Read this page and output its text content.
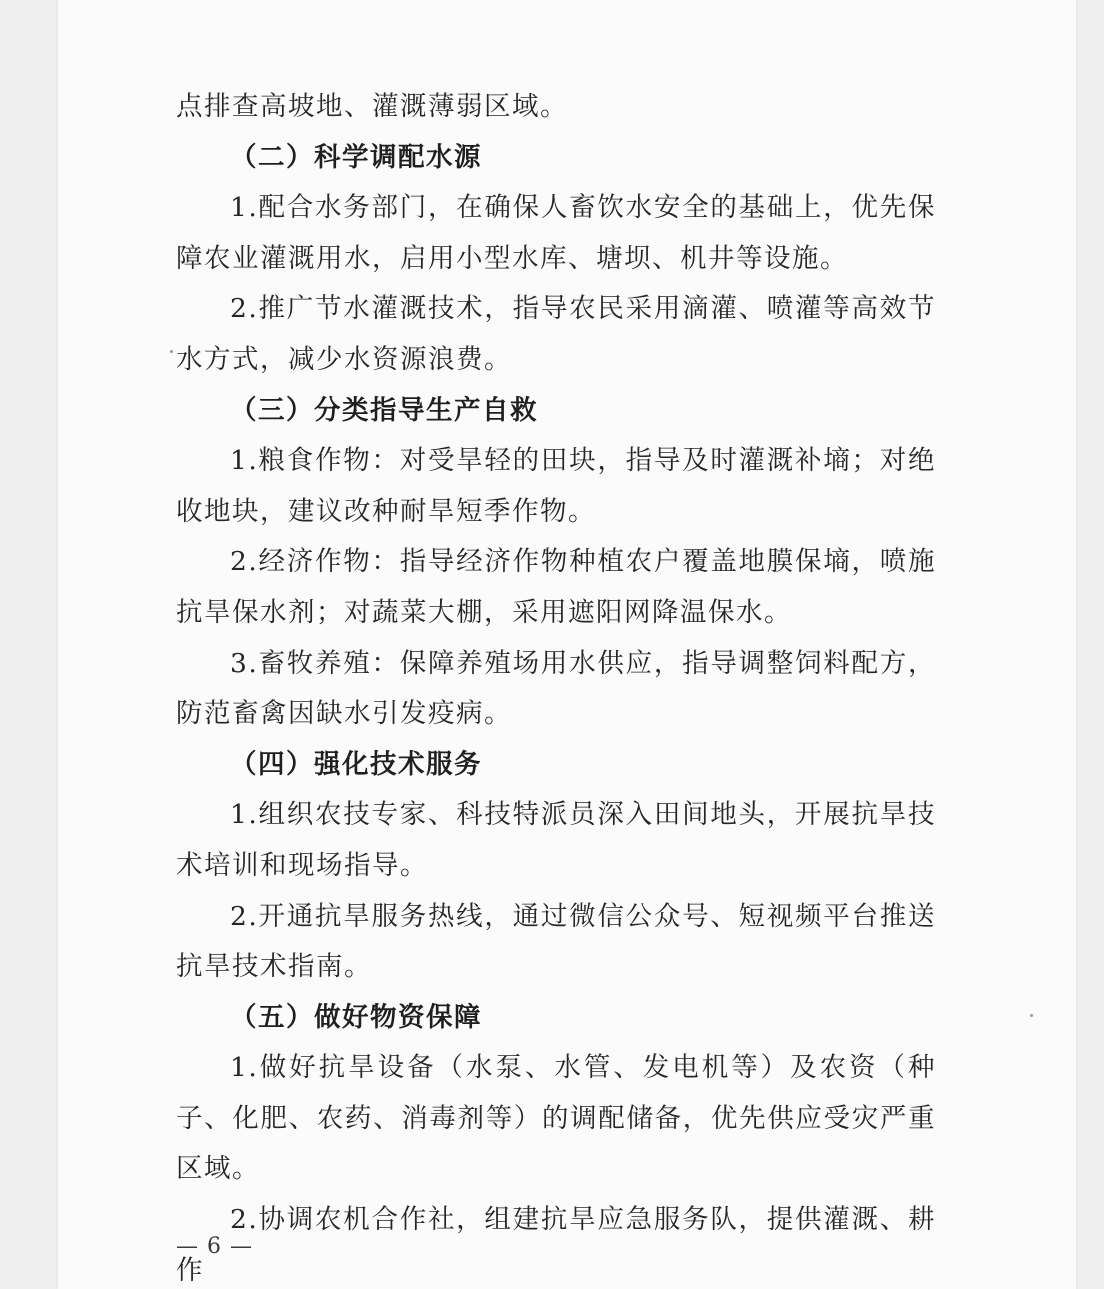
点排查高坡地、灌溉薄弱区域。

（二）科学调配水源

1.配合水务部门，在确保人畜饮水安全的基础上，优先保障农业灌溉用水，启用小型水库、塘坝、机井等设施。

2.推广节水灌溉技术，指导农民采用滴灌、喷灌等高效节水方式，减少水资源浪费。

（三）分类指导生产自救

1.粮食作物：对受旱轻的田块，指导及时灌溉补墒；对绝收地块，建议改种耐旱短季作物。

2.经济作物：指导经济作物种植农户覆盖地膜保墒，喷施抗旱保水剂；对蔬菜大棚，采用遮阳网降温保水。

3.畜牧养殖：保障养殖场用水供应，指导调整饲料配方，防范畜禽因缺水引发疫病。

（四）强化技术服务

1.组织农技专家、科技特派员深入田间地头，开展抗旱技术培训和现场指导。

2.开通抗旱服务热线，通过微信公众号、短视频平台推送抗旱技术指南。

（五）做好物资保障

1.做好抗旱设备（水泵、水管、发电机等）及农资（种子、化肥、农药、消毒剂等）的调配储备，优先供应受灾严重区域。

2.协调农机合作社，组建抗旱应急服务队，提供灌溉、耕作

— 6 —
